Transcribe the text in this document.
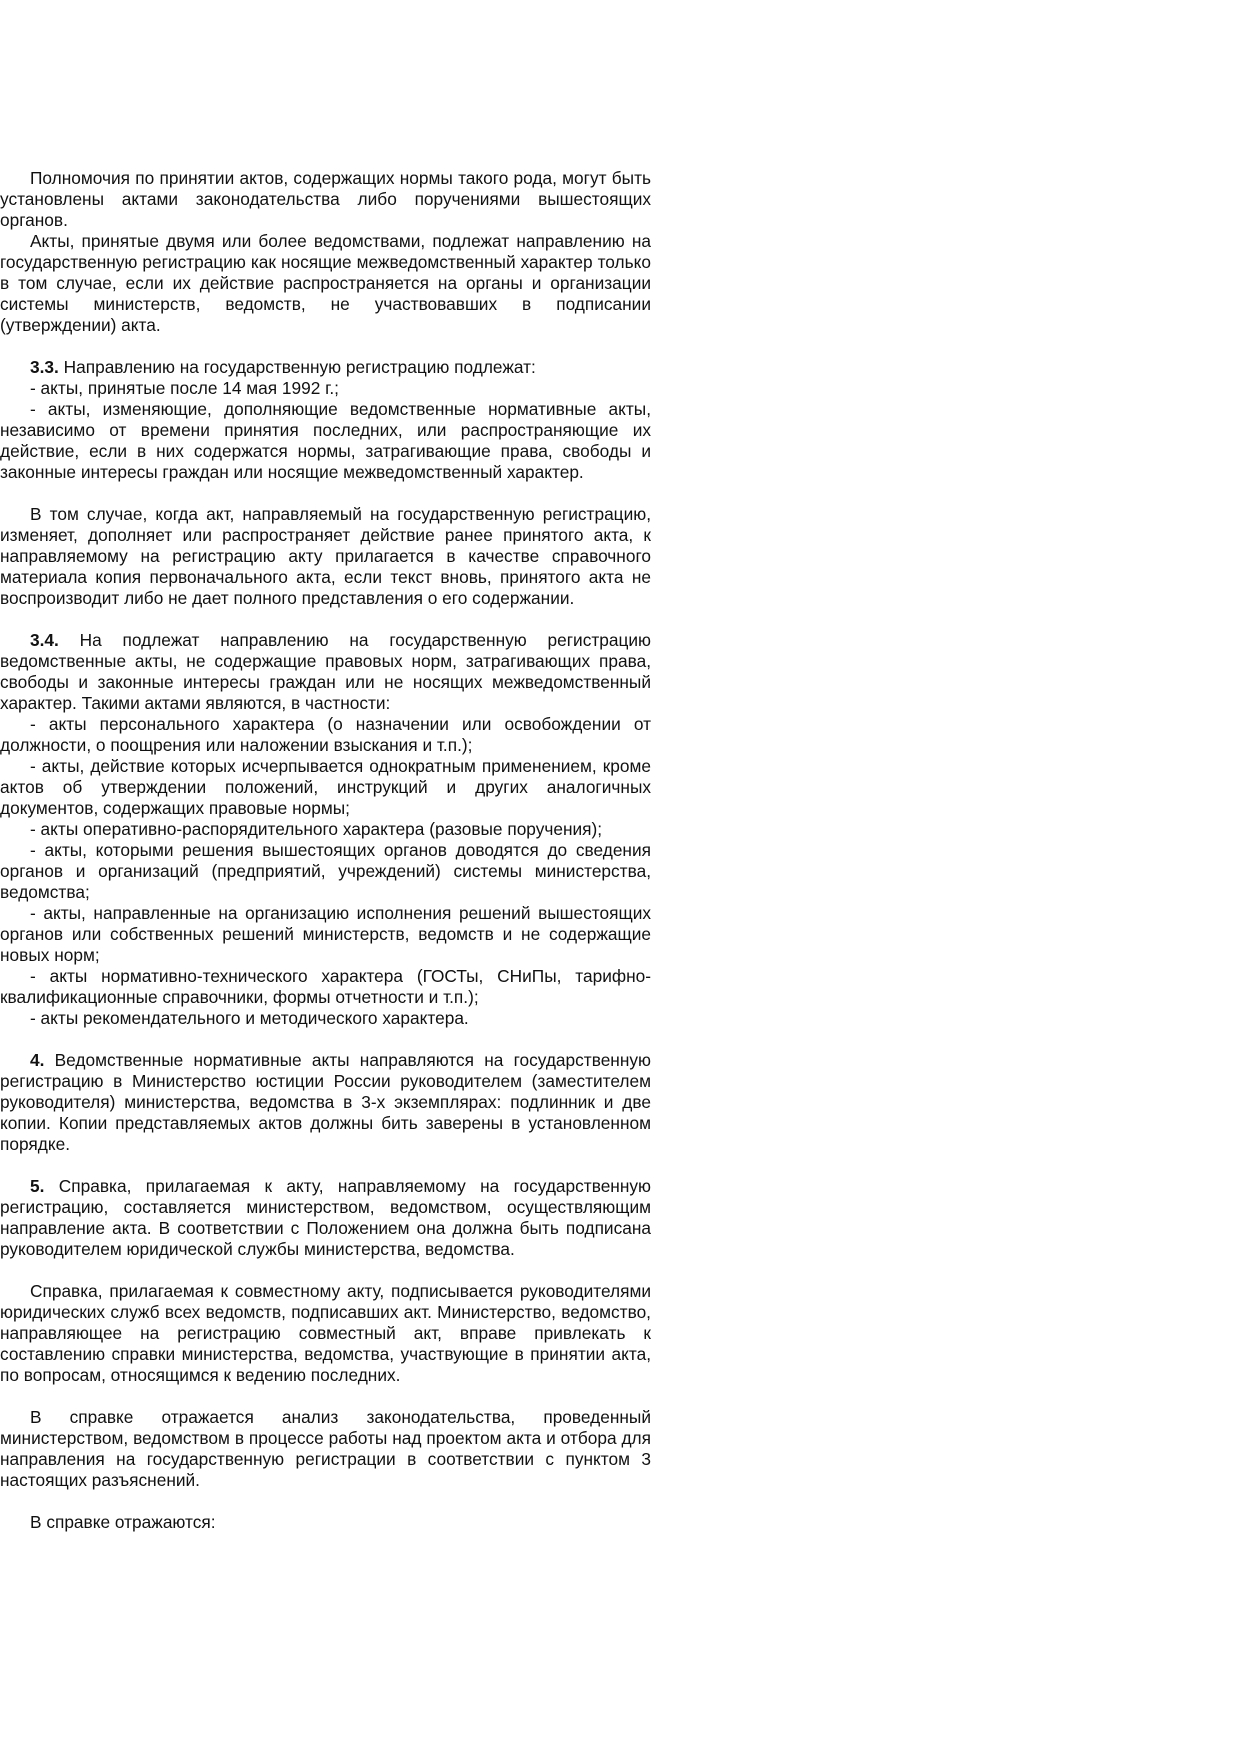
Полномочия по принятии актов, содержащих нормы такого рода, могут быть установлены актами законодательства либо поручениями вышестоящих органов.

Акты, принятые двумя или более ведомствами, подлежат направлению на государственную регистрацию как носящие межведомственный характер только в том случае, если их действие распространяется на органы и организации системы министерств, ведомств, не участвовавших в подписании (утверждении) акта.

3.3. Направлению на государственную регистрацию подлежат:

- акты, принятые после 14 мая 1992 г.;

- акты, изменяющие, дополняющие ведомственные нормативные акты, независимо от времени принятия последних, или распространяющие их действие, если в них содержатся нормы, затрагивающие права, свободы и законные интересы граждан или носящие межведомственный характер.

В том случае, когда акт, направляемый на государственную регистрацию, изменяет, дополняет или распространяет действие ранее принятого акта, к направляемому на регистрацию акту прилагается в качестве справочного материала копия первоначального акта, если текст вновь, принятого акта не воспроизводит либо не дает полного представления о его содержании.

3.4. На подлежат направлению на государственную регистрацию ведомственные акты, не содержащие правовых норм, затрагивающих права, свободы и законные интересы граждан или не носящих межведомственный характер. Такими актами являются, в частности:

- акты персонального характера (о назначении или освобождении от должности, о поощрения или наложении взыскания и т.п.);

- акты, действие которых исчерпывается однократным применением, кроме актов об утверждении положений, инструкций и других аналогичных документов, содержащих правовые нормы;

- акты оперативно-распорядительного характера (разовые поручения);

- акты, которыми решения вышестоящих органов доводятся до сведения органов и организаций (предприятий, учреждений) системы министерства, ведомства;

- акты, направленные на организацию исполнения решений вышестоящих органов или собственных решений министерств, ведомств и не содержащие новых норм;

- акты нормативно-технического характера (ГОСТы, СНиПы, тарифно-квалификационные справочники, формы отчетности и т.п.);

- акты рекомендательного и методического характера.

4. Ведомственные нормативные акты направляются на государственную регистрацию в Министерство юстиции России руководителем (заместителем руководителя) министерства, ведомства в 3-х экземплярах: подлинник и две копии. Копии представляемых актов должны бить заверены в установленном порядке.

5. Справка, прилагаемая к акту, направляемому на государственную регистрацию, составляется министерством, ведомством, осуществляющим направление акта. В соответствии с Положением она должна быть подписана руководителем юридической службы министерства, ведомства.

Справка, прилагаемая к совместному акту, подписывается руководителями юридических служб всех ведомств, подписавших акт. Министерство, ведомство, направляющее на регистрацию совместный акт, вправе привлекать к составлению справки министерства, ведомства, участвующие в принятии акта, по вопросам, относящимся к ведению последних.

В справке отражается анализ законодательства, проведенный министерством, ведомством в процессе работы над проектом акта и отбора для направления на государственную регистрации в соответствии с пунктом 3 настоящих разъяснений.

В справке отражаются:
